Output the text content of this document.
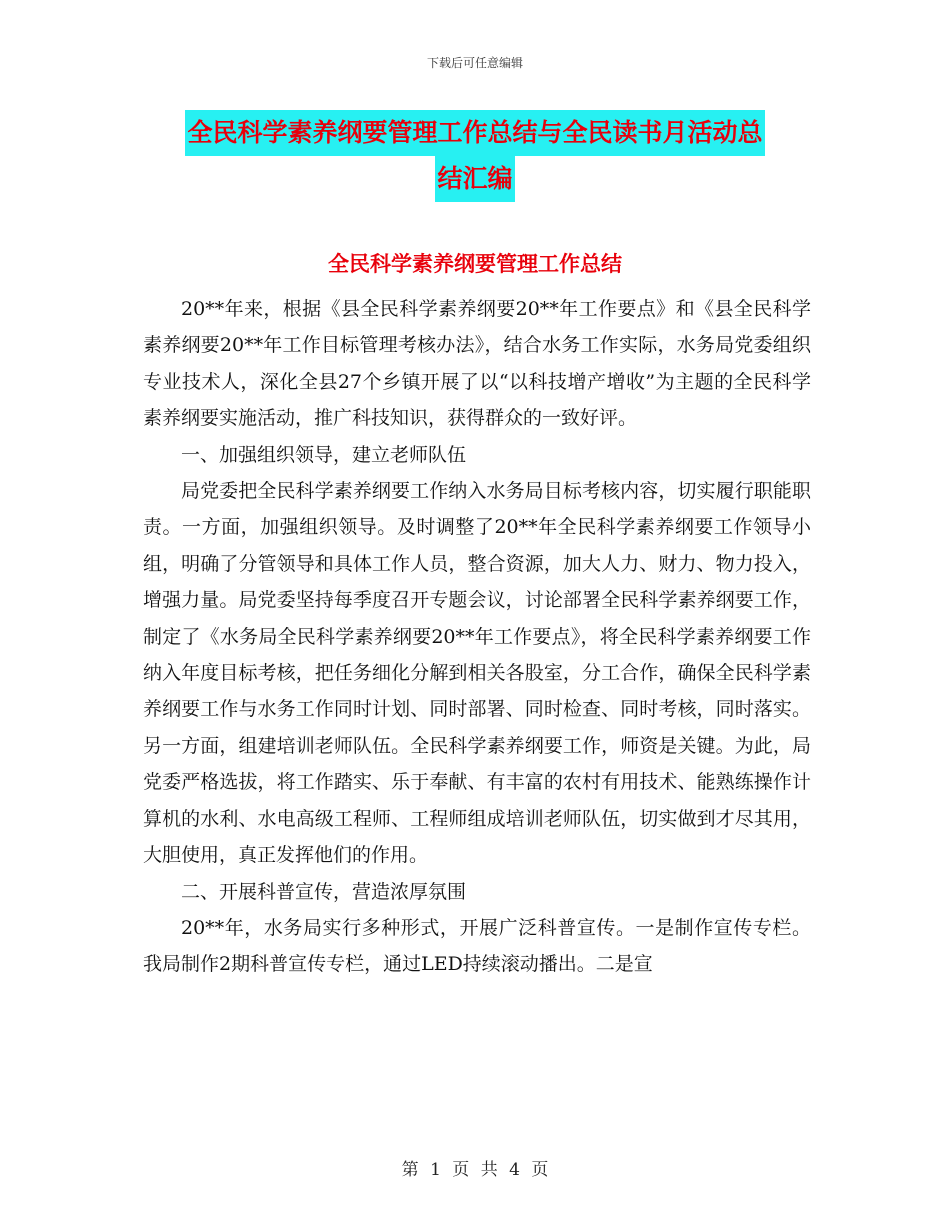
下载后可任意编辑
全民科学素养纲要管理工作总结与全民读书月活动总
结汇编
全民科学素养纲要管理工作总结

20**年来，根据《县全民科学素养纲要20**年工作要点》和《县全民科学素养纲要20**年工作目标管理考核办法》，结合水务工作实际，水务局党委组织专业技术人，深化全县27个乡镇开展了以“以科技增产增收”为主题的全民科学素养纲要实施活动，推广科技知识，获得群众的一致好评。

一、加强组织领导，建立老师队伍

局党委把全民科学素养纲要工作纳入水务局目标考核内容，切实履行职能职责。一方面，加强组织领导。及时调整了20**年全民科学素养纲要工作领导小组，明确了分管领导和具体工作人员，整合资源，加大人力、财力、物力投入，增强力量。局党委坚持每季度召开专题会议，讨论部署全民科学素养纲要工作，制定了《水务局全民科学素养纲要20**年工作要点》，将全民科学素养纲要工作纳入年度目标考核，把任务细化分解到相关各股室，分工合作，确保全民科学素养纲要工作与水务工作同时计划、同时部署、同时检查、同时考核，同时落实。另一方面，组建培训老师队伍。全民科学素养纲要工作，师资是关键。为此，局党委严格选拔，将工作踏实、乐于奉献、有丰富的农村有用技术、能熟练操作计算机的水利、水电高级工程师、工程师组成培训老师队伍，切实做到才尽其用，大胆使用，真正发挥他们的作用。

二、开展科普宣传，营造浓厚氛围

20**年，水务局实行多种形式，开展广泛科普宣传。一是制作宣传专栏。我局制作2期科普宣传专栏，通过LED持续滚动播出。二是宣

第 1 页 共 4 页
